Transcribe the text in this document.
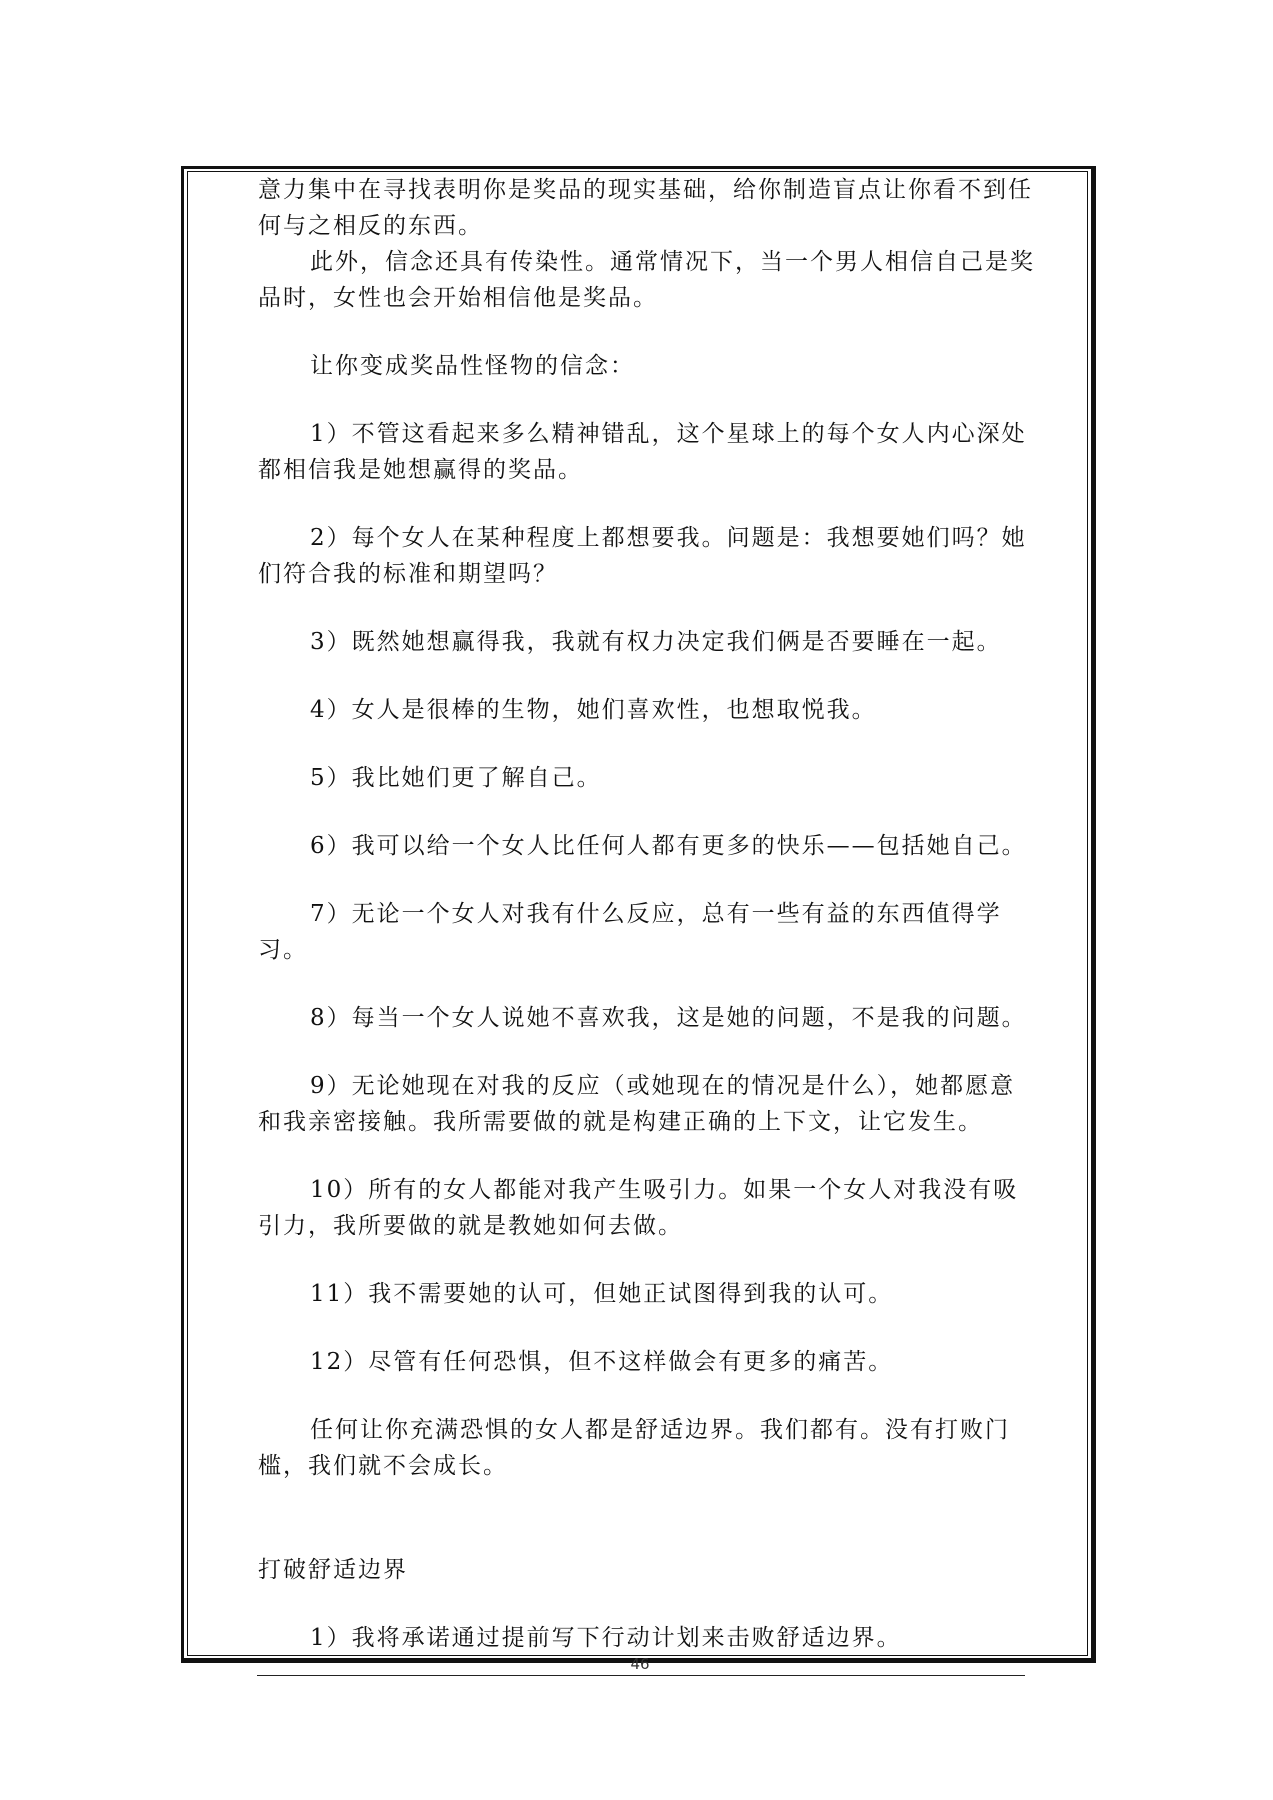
意力集中在寻找表明你是奖品的现实基础，给你制造盲点让你看不到任何与之相反的东西。

此外，信念还具有传染性。通常情况下，当一个男人相信自己是奖品时，女性也会开始相信他是奖品。

让你变成奖品性怪物的信念：

1）不管这看起来多么精神错乱，这个星球上的每个女人内心深处都相信我是她想赢得的奖品。

2）每个女人在某种程度上都想要我。问题是：我想要她们吗？她们符合我的标准和期望吗？

3）既然她想赢得我，我就有权力决定我们俩是否要睡在一起。

4）女人是很棒的生物，她们喜欢性，也想取悦我。

5）我比她们更了解自己。

6）我可以给一个女人比任何人都有更多的快乐——包括她自己。

7）无论一个女人对我有什么反应，总有一些有益的东西值得学习。

8）每当一个女人说她不喜欢我，这是她的问题，不是我的问题。

9）无论她现在对我的反应（或她现在的情况是什么），她都愿意和我亲密接触。我所需要做的就是构建正确的上下文，让它发生。

10）所有的女人都能对我产生吸引力。如果一个女人对我没有吸引力，我所要做的就是教她如何去做。

11）我不需要她的认可，但她正试图得到我的认可。

12）尽管有任何恐惧，但不这样做会有更多的痛苦。

任何让你充满恐惧的女人都是舒适边界。我们都有。没有打败门槛，我们就不会成长。

打破舒适边界

1）我将承诺通过提前写下行动计划来击败舒适边界。

46
